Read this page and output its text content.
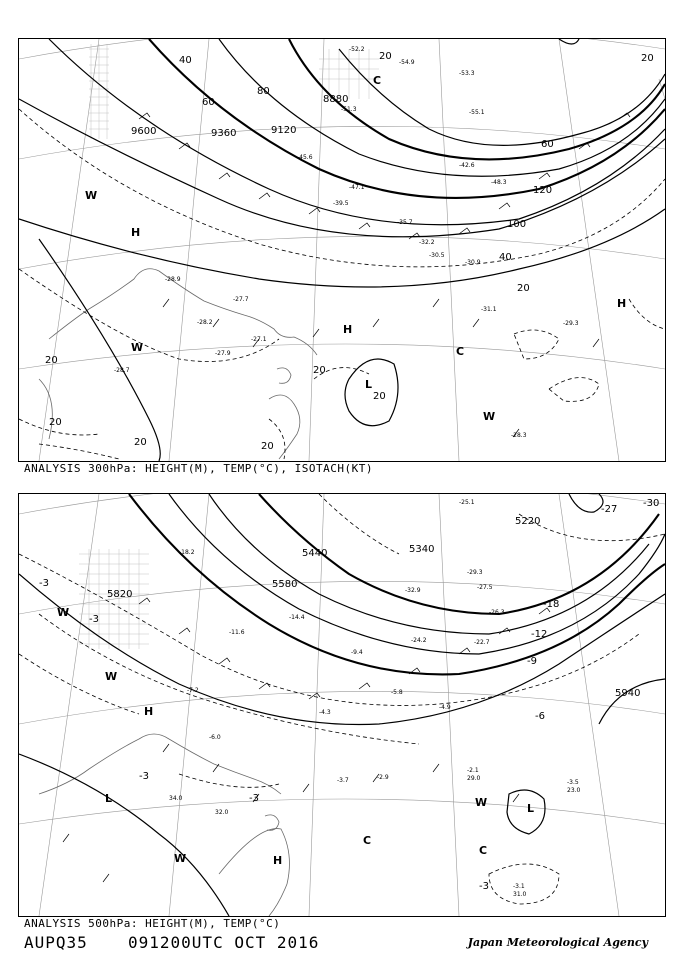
9600	9360	9120
8880
20	20
20
20
20
20
20
20	20
40
40
60
60
80
100
120
H
H
H
L
W
W
W
C
C
-27.7
-28.2
-27.9
-28.7
-28.9
-29.3
-31.1
-30.9
-32.2
-35.7
-39.5
-42.6
-45.6
-48.3
-51.3
-52.2
-55.1
-53.3
-54.9
-47.1
-28.3
-27.1
-30.5
ANALYSIS 300hPa: HEIGHT(M), TEMP(°C), ISOTACH(KT)
5820
5580
5340
5220
5940
5440
-3
-3
-3
-3
-3
-6
-9
-12
-18
-27
-30
H
H
L
L
W
W
W
W
C
C
-3.7	-2.9
-2.1
-3.5
-3.1
-4.3
-4.9
-5.8
-6.0
-7.2
-9.4
-11.6
-14.4
-18.2
-22.7
-24.2
-26.3
-27.5
-29.3
-32.9
-25.1
29.0
23.0
31.0
32.0
34.0
ANALYSIS 500hPa: HEIGHT(M), TEMP(°C)
AUPQ35	091200UTC OCT 2016	Japan Meteorological Agency
